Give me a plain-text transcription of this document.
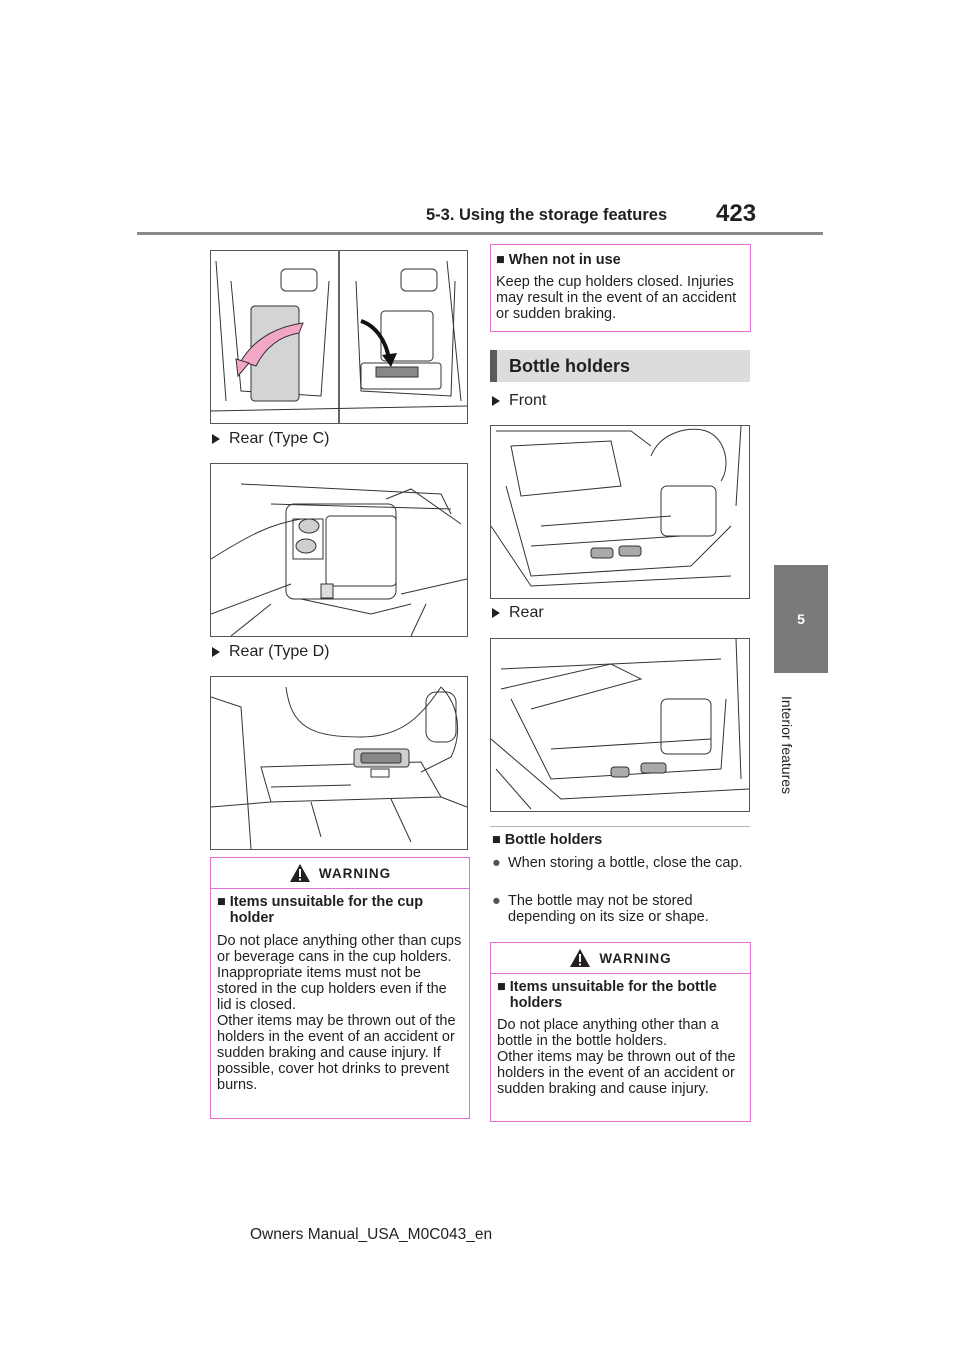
5-3. Using the storage features 423
5
Interior features
Rear (Type C)
Rear (Type D)
WARNING
■ Items unsuitable for the cup holder
Do not place anything other than cups or beverage cans in the cup holders.
Inappropriate items must not be stored in the cup holders even if the lid is closed.
Other items may be thrown out of the holders in the event of an accident or sudden braking and cause injury. If possible, cover hot drinks to prevent burns.
■ When not in use
Keep the cup holders closed. Injuries may result in the event of an accident or sudden braking.
Bottle holders
Front
Rear
■ Bottle holders
● When storing a bottle, close the cap.
● The bottle may not be stored depending on its size or shape.
WARNING
■ Items unsuitable for the bottle holders
Do not place anything other than a bottle in the bottle holders.
Other items may be thrown out of the holders in the event of an accident or sudden braking and cause injury.
Owners Manual_USA_M0C043_en
